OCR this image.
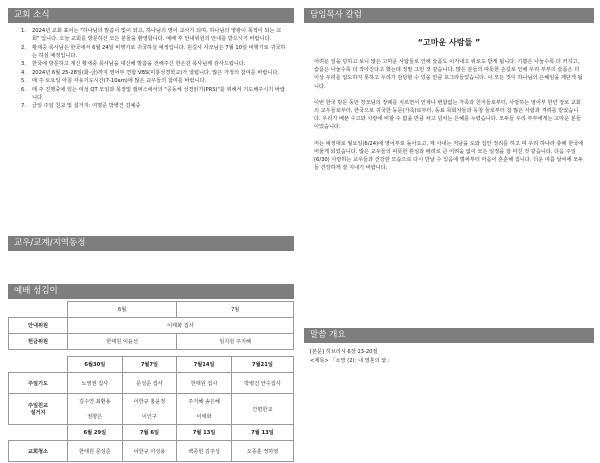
교회 소식
1.	2024년 교회 표어는 "하나님의 말씀이 빛이 되고, 하나님의 영이 교사가 되며, 하나님의 영광이 목적이 되는 교회" 입니다. 오늘 교회를 방문하신 모든 분들을 환영합니다. 예배 후 안내위원의 안내를 받으시기 바랍니다.
2.	황재중 목사님은 한국에서 6월 24일 비행기로 귀국하실 예정입니다. 원길사 사모님은 7월 10일 비행기로 귀국하는 하실 예정입니다.
3.	한국에 방문하고 계신 황재중 목사님을 대신해 말씀을 전해주신 한은진 목사님께 감사드립니다.
4.	2024년 6월 25-28일(화-금)까지 영어부 연합 VBS(미룡성경학교)가 열립니다. 많은 가정의 참여를 바랍니다.
5.	매 주 토요일 아침 자유기도시간(7-10am)에 많은 교우들의 참여를 바랍니다.
6.	매 주 진행중에 있는 여성 QT 모임과 목장및 캠퍼스에서의 "공동체 성경읽기(PRS)"를 위해서 기도해주시기 바랍니다.
7.	금일 주일 친교 및 설거지: 여명준 박병건 김예중
담임목사 칼럼
“고마운 사람들 ”

어려운 일을 당하고 보니 많은 고마운 사람들로 인해 슬픔도 이겨내고 위로도 받게 됩니다. 기쁨은 나눌수록 더 커지고, 슬픔은 나눌수록 더 작아진다고 했는데 정말 그런 것 같습니다. 많은 분들의 따뜻한 손길로 인해 우리 부부의 슬픔은 더 이상 우리를 압도하지 못하고 우리가 감당할 수 있을 만큼 포그라들었습니다. 이 모든 것이 하나님의 은혜임을 깨닫게 됩니다.

이번 한국 방문 동안 장모님의 장례를 치르면서 언제나 변함없는 가족과 친지들로부터, 사랑하는 영어부 한인 장로 교회의 교우들로부터, 한국으로 귀국한 동문(가족)로부터, 동료 목회자들과 동창 들로부터 참 많은 사람과 격려를 받았습니다. 우리가 베푼 수고와 사랑에 비할 수 없을 만큼 차고 넘치는 은혜를 누렸습니다. 모두들 우리 부부에게는 고마운 분들이었습니다.

저는 예정대로 월요일(6/24)에 영어부로 돌아오고, 제 아내는 처남을 도와 집안 정리를 하고 며 우리 하나라 충해 한국에 머물게 되었습니다. 많은 교우들의 따뜻한 관심과 배려로 큰 어려움 없이 모든 일정을 잘 마친 것 같습니다. 다음 주일(6/30) 사랑하는 교우들과 건강한 모습으로 다시 만날 수 있음에 벌써부터 마음이 흔훈해 집니다. 더운 여름 날씨에 모두들 건강하게 잘 지내기 바랍니다.

교우/교계/지역동정
예배 섬김이
	6월		7월	
안내위원	이태화 집사			
헌금위원	한태원 이윤선		임지원 주지혜	

	6월30일	7월7일	7월14일	7월21일
주일기도	노영권 집사	문성준 집사	한태원 집사	박병건 안수집사
주일친교
설거지	김수연 최환용	이한규 홍윤정	주지혜 송은혜	간편한교
	권향은	이인구	이태화	
	6월 29일	7월 6일	7월 13일	7월 13일
교회청소	한태원 문성준	이한규 이성용	백종헌 김주성	오종훈 정하영
말씀 개요
[본문] 히브리서 6장 13-20절
<제목> 「소망 (2): 내 영혼의 닻」
